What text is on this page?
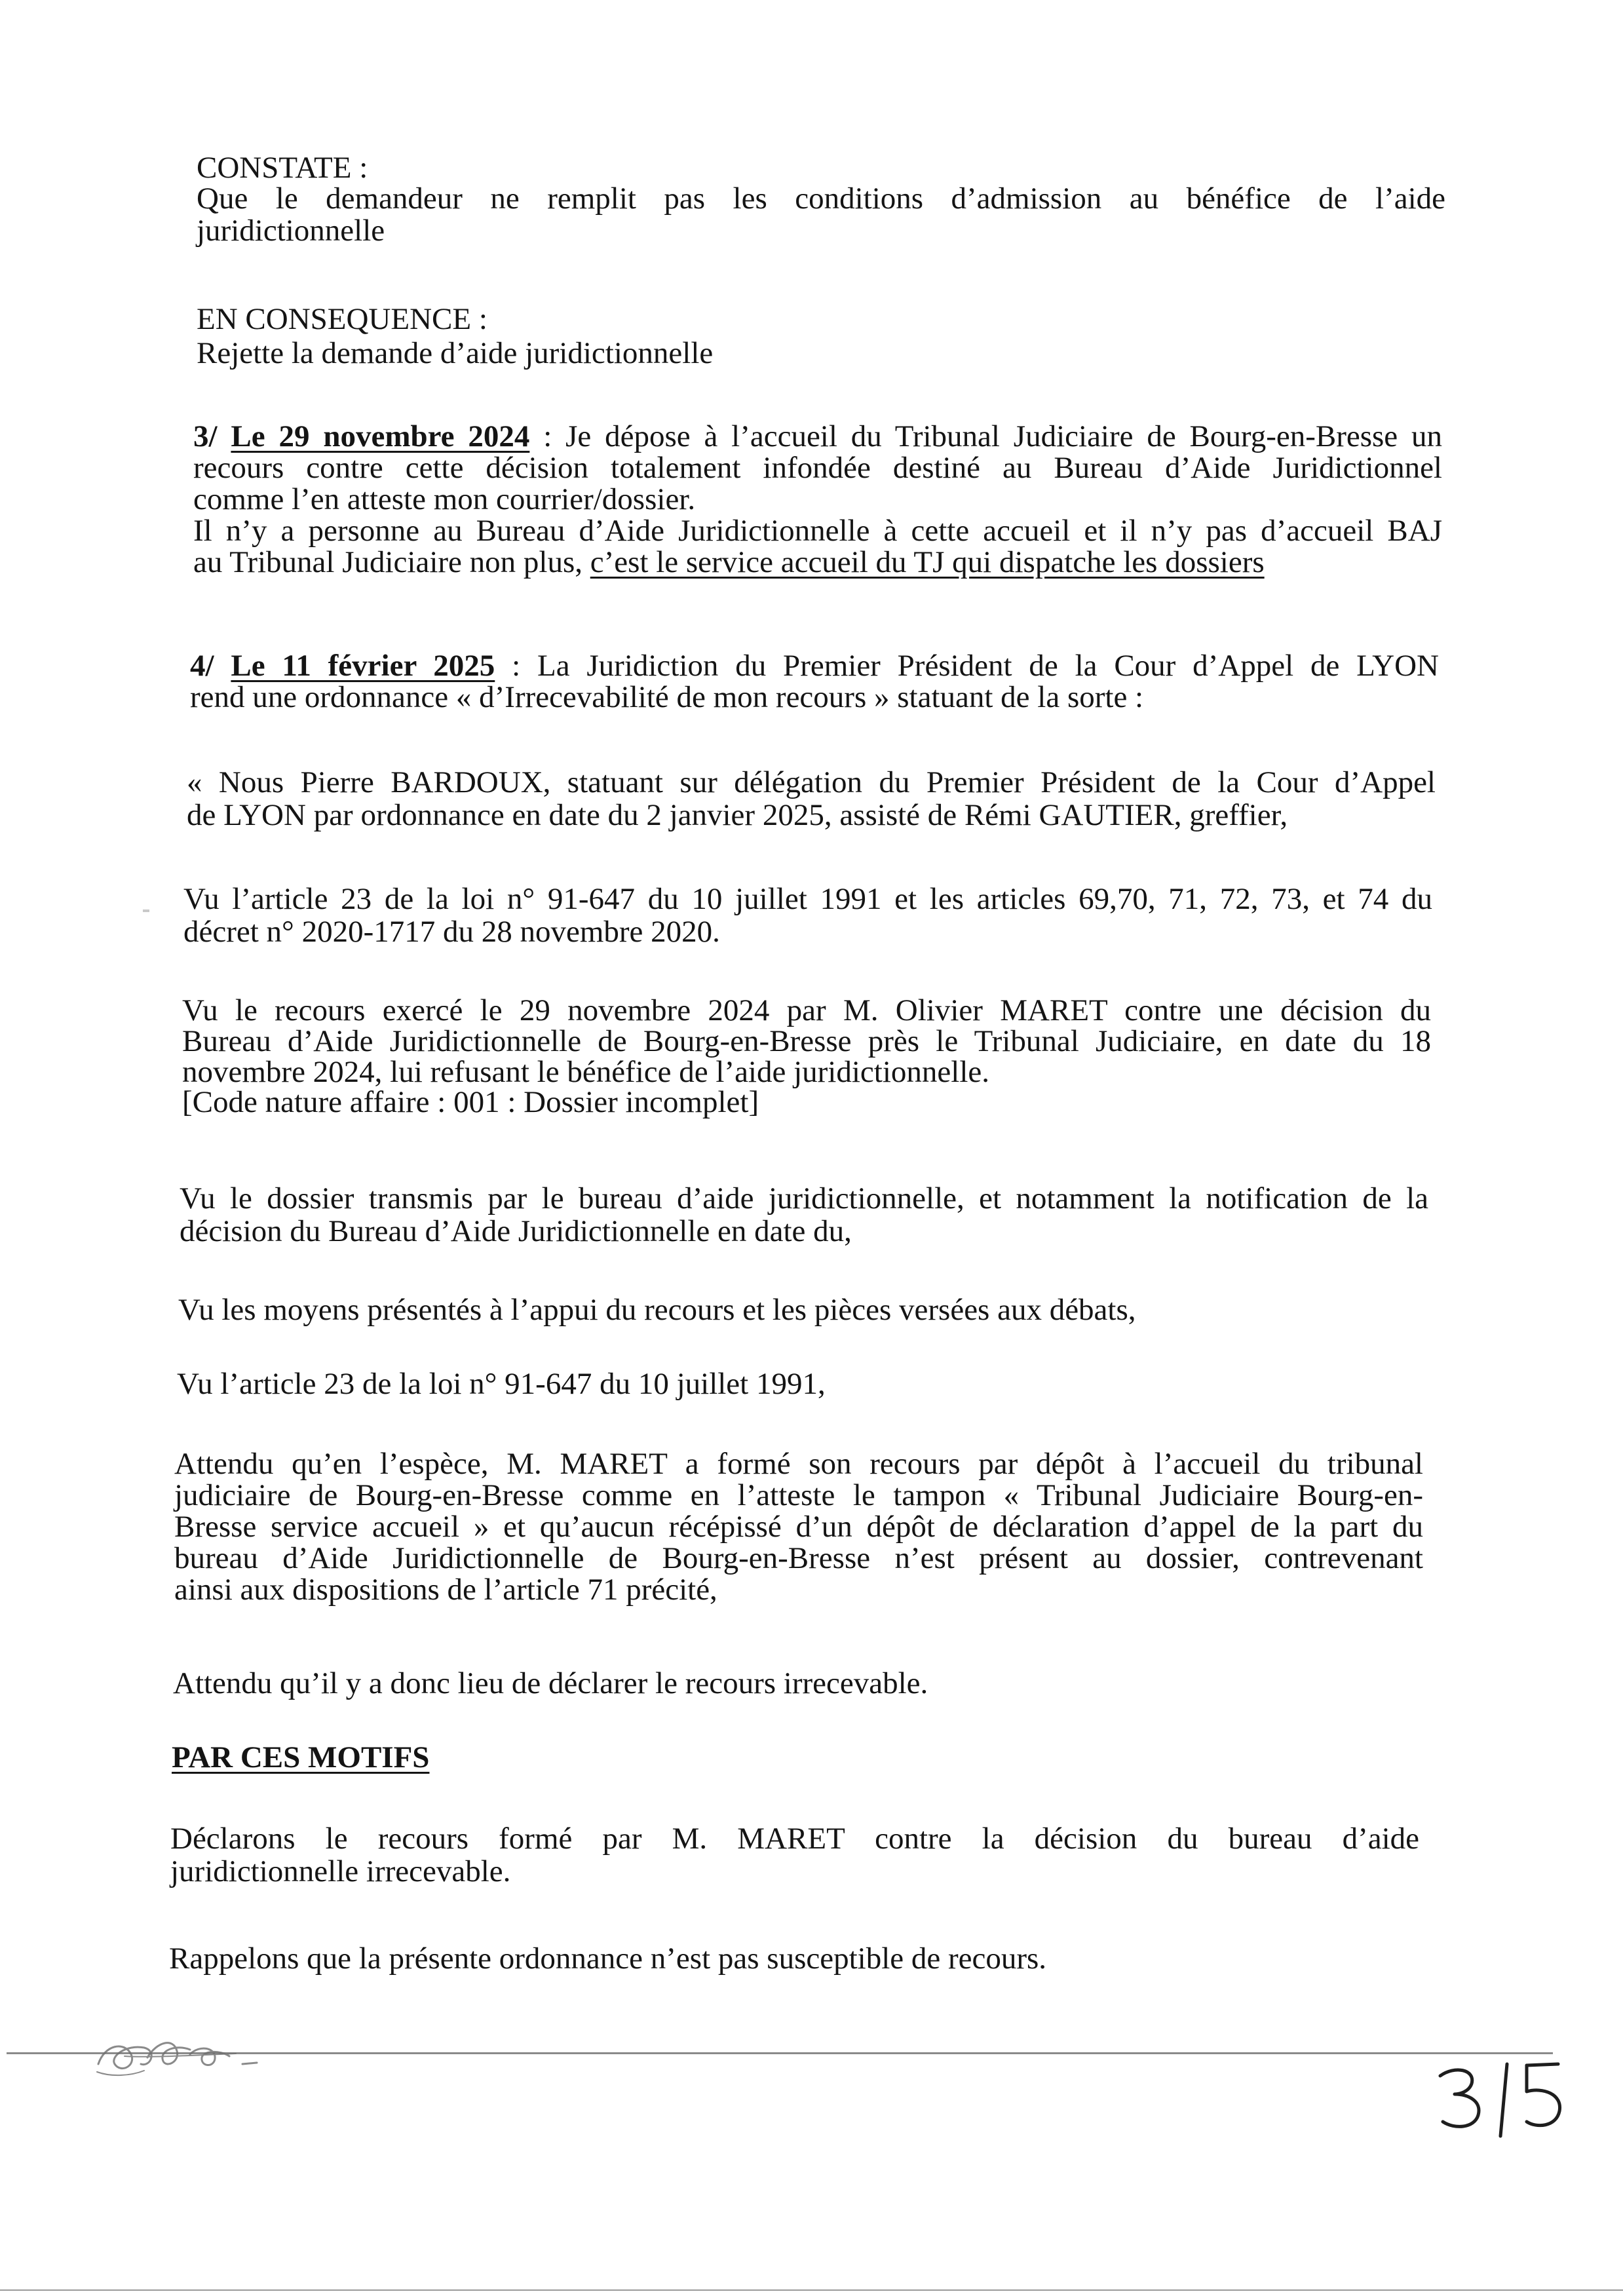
CONSTATE :
Que le demandeur ne remplit pas les conditions d’admission au bénéfice de l’aide
juridictionnelle
EN CONSEQUENCE :
Rejette la demande d’aide juridictionnelle
3/ Le 29 novembre 2024 : Je dépose à l’accueil du Tribunal Judiciaire de Bourg-en-Bresse un
recours contre cette décision totalement infondée destiné au Bureau d’Aide Juridictionnel
comme l’en atteste mon courrier/dossier.
Il n’y a personne au Bureau d’Aide Juridictionnelle à cette accueil et il n’y pas d’accueil BAJ
au Tribunal Judiciaire non plus, c’est le service accueil du TJ qui dispatche les dossiers
4/ Le 11 février 2025 : La Juridiction du Premier Président de la Cour d’Appel de LYON
rend une ordonnance « d’Irrecevabilité de mon recours » statuant de la sorte :
« Nous Pierre BARDOUX, statuant sur délégation du Premier Président de la Cour d’Appel
de LYON par ordonnance en date du 2 janvier 2025, assisté de Rémi GAUTIER, greffier,
Vu l’article 23 de la loi n° 91-647 du 10 juillet 1991 et les articles 69,70, 71, 72, 73, et 74 du
décret n° 2020-1717 du 28 novembre 2020.
Vu le recours exercé le 29 novembre 2024 par M. Olivier MARET contre une décision du
Bureau d’Aide Juridictionnelle de Bourg-en-Bresse près le Tribunal Judiciaire, en date du 18
novembre 2024, lui refusant le bénéfice de l’aide juridictionnelle.
[Code nature affaire : 001 : Dossier incomplet]
Vu le dossier transmis par le bureau d’aide juridictionnelle, et notamment la notification de la
décision du Bureau d’Aide Juridictionnelle en date du,
Vu les moyens présentés à l’appui du recours et les pièces versées aux débats,
Vu l’article 23 de la loi n° 91-647 du 10 juillet 1991,
Attendu qu’en l’espèce, M. MARET a formé son recours par dépôt à l’accueil du tribunal
judiciaire de Bourg-en-Bresse comme en l’atteste le tampon « Tribunal Judiciaire Bourg-en-
Bresse service accueil » et qu’aucun récépissé d’un dépôt de déclaration d’appel de la part du
bureau d’Aide Juridictionnelle de Bourg-en-Bresse n’est présent au dossier, contrevenant
ainsi aux dispositions de l’article 71 précité,
Attendu qu’il y a donc lieu de déclarer le recours irrecevable.
PAR CES MOTIFS
Déclarons le recours formé par M. MARET contre la décision du bureau d’aide
juridictionnelle irrecevable.
Rappelons que la présente ordonnance n’est pas susceptible de recours.
